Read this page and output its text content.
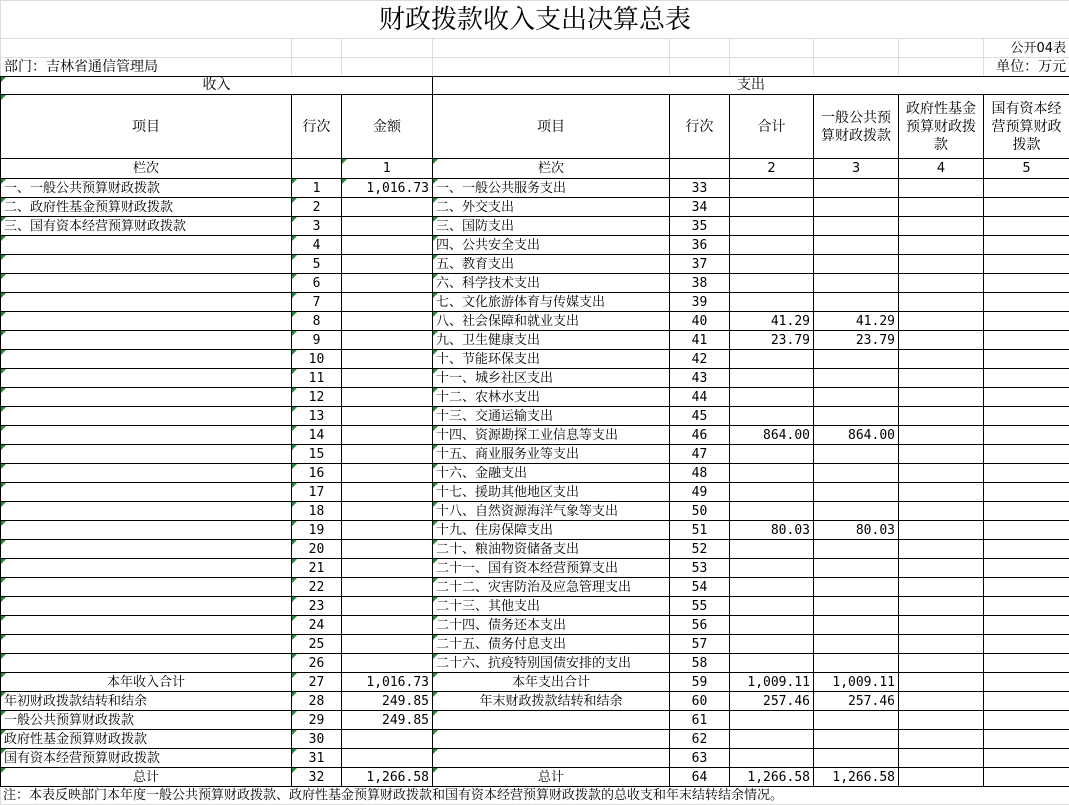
财政拨款收入支出决算总表								
								公开04表
部门：吉林省通信管理局								单位：万元
收入			支出					
项目	行次	金额	项目	行次	合计	一般公共预算财政拨款	政府性基金预算财政拨款	国有资本经营预算财政拨款
栏次		1	栏次		2	3	4	5
一、一般公共预算财政拨款	1	1,016.73	一、一般公共服务支出	33				
二、政府性基金预算财政拨款	2		二、外交支出	34				
三、国有资本经营预算财政拨款	3		三、国防支出	35				
	4		四、公共安全支出	36				
	5		五、教育支出	37				
	6		六、科学技术支出	38				
	7		七、文化旅游体育与传媒支出	39				
	8		八、社会保障和就业支出	40	41.29	41.29		
	9		九、卫生健康支出	41	23.79	23.79		
	10		十、节能环保支出	42				
	11		十一、城乡社区支出	43				
	12		十二、农林水支出	44				
	13		十三、交通运输支出	45				
	14		十四、资源勘探工业信息等支出	46	864.00	864.00		
	15		十五、商业服务业等支出	47				
	16		十六、金融支出	48				
	17		十七、援助其他地区支出	49				
	18		十八、自然资源海洋气象等支出	50				
	19		十九、住房保障支出	51	80.03	80.03		
	20		二十、粮油物资储备支出	52				
	21		二十一、国有资本经营预算支出	53				
	22		二十二、灾害防治及应急管理支出	54				
	23		二十三、其他支出	55				
	24		二十四、债务还本支出	56				
	25		二十五、债务付息支出	57				
	26		二十六、抗疫特别国债安排的支出	58				
本年收入合计	27	1,016.73	本年支出合计	59	1,009.11	1,009.11		
年初财政拨款结转和结余	28	249.85	年末财政拨款结转和结余	60	257.46	257.46		
一般公共预算财政拨款	29	249.85		61				
政府性基金预算财政拨款	30			62				
国有资本经营预算财政拨款	31			63				
总计	32	1,266.58	总计	64	1,266.58	1,266.58		
注：本表反映部门本年度一般公共预算财政拨款、政府性基金预算财政拨款和国有资本经营预算财政拨款的总收支和年末结转结余情况。								
